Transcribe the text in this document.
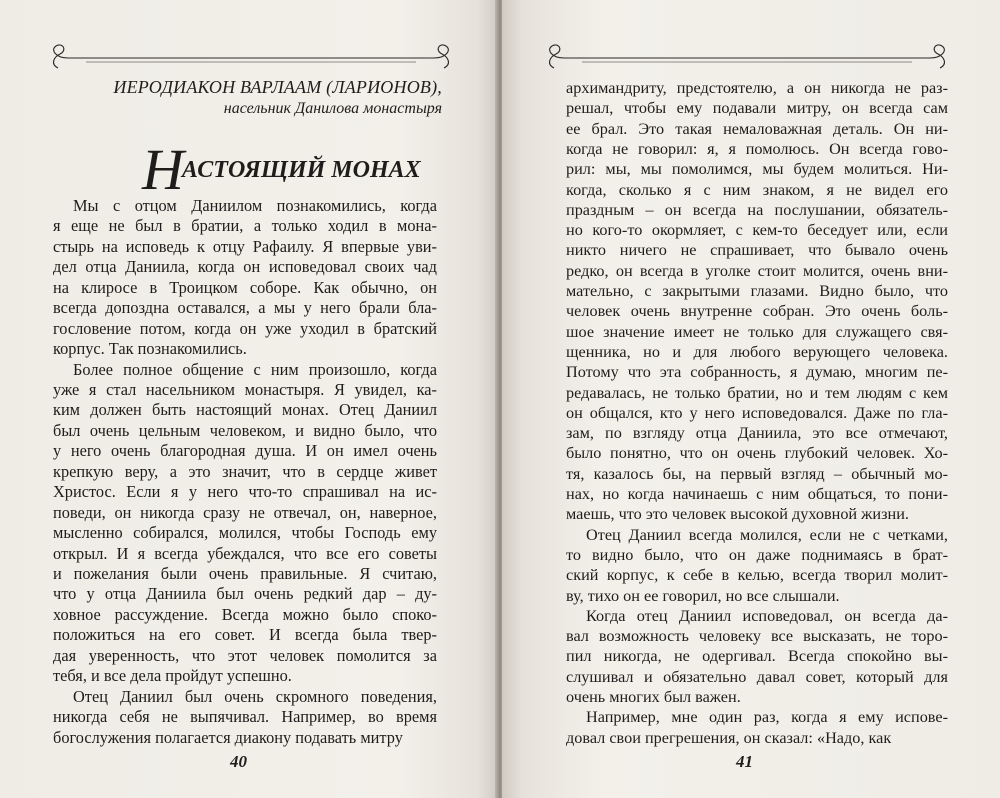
ИЕРОДИАКОН ВАРЛААМ (ЛАРИОНОВ),
насельник Данилова монастыря
Н АСТОЯЩИЙ МОНАХ
Мы с отцом Даниилом познакомились, когда
я еще не был в братии, а только ходил в мона-
стырь на исповедь к отцу Рафаилу. Я впервые уви-
дел отца Даниила, когда он исповедовал своих чад
на клиросе в Троицком соборе. Как обычно, он
всегда допоздна оставался, а мы у него брали бла-
гословение потом, когда он уже уходил в братский
корпус. Так познакомились.
Более полное общение с ним произошло, когда
уже я стал насельником монастыря. Я увидел, ка-
ким должен быть настоящий монах. Отец Даниил
был очень цельным человеком, и видно было, что
у него очень благородная душа. И он имел очень
крепкую веру, а это значит, что в сердце живет
Христос. Если я у него что-то спрашивал на ис-
поведи, он никогда сразу не отвечал, он, наверное,
мысленно собирался, молился, чтобы Господь ему
открыл. И я всегда убеждался, что все его советы
и пожелания были очень правильные. Я считаю,
что у отца Даниила был очень редкий дар – ду-
ховное рассуждение. Всегда можно было споко-
положиться на его совет. И всегда была твер-
дая уверенность, что этот человек помолится за
тебя, и все дела пройдут успешно.
Отец Даниил был очень скромного поведения,
никогда себя не выпячивал. Например, во время
богослужения полагается диакону подавать митру
40
архимандриту, предстоятелю, а он никогда не раз-
решал, чтобы ему подавали митру, он всегда сам
ее брал. Это такая немаловажная деталь. Он ни-
когда не говорил: я, я помолюсь. Он всегда гово-
рил: мы, мы помолимся, мы будем молиться. Ни-
когда, сколько я с ним знаком, я не видел его
праздным – он всегда на послушании, обязатель-
но кого-то окормляет, с кем-то беседует или, если
никто ничего не спрашивает, что бывало очень
редко, он всегда в уголке стоит молится, очень вни-
мательно, с закрытыми глазами. Видно было, что
человек очень внутренне собран. Это очень боль-
шое значение имеет не только для служащего свя-
щенника, но и для любого верующего человека.
Потому что эта собранность, я думаю, многим пе-
редавалась, не только братии, но и тем людям с кем
он общался, кто у него исповедовался. Даже по гла-
зам, по взгляду отца Даниила, это все отмечают,
было понятно, что он очень глубокий человек. Хо-
тя, казалось бы, на первый взгляд – обычный мо-
нах, но когда начинаешь с ним общаться, то пони-
маешь, что это человек высокой духовной жизни.
Отец Даниил всегда молился, если не с четками,
то видно было, что он даже поднимаясь в брат-
ский корпус, к себе в келью, всегда творил молит-
ву, тихо он ее говорил, но все слышали.
Когда отец Даниил исповедовал, он всегда да-
вал возможность человеку все высказать, не торо-
пил никогда, не одергивал. Всегда спокойно вы-
слушивал и обязательно давал совет, который для
очень многих был важен.
Например, мне один раз, когда я ему испове-
довал свои прегрешения, он сказал: «Надо, как
41
